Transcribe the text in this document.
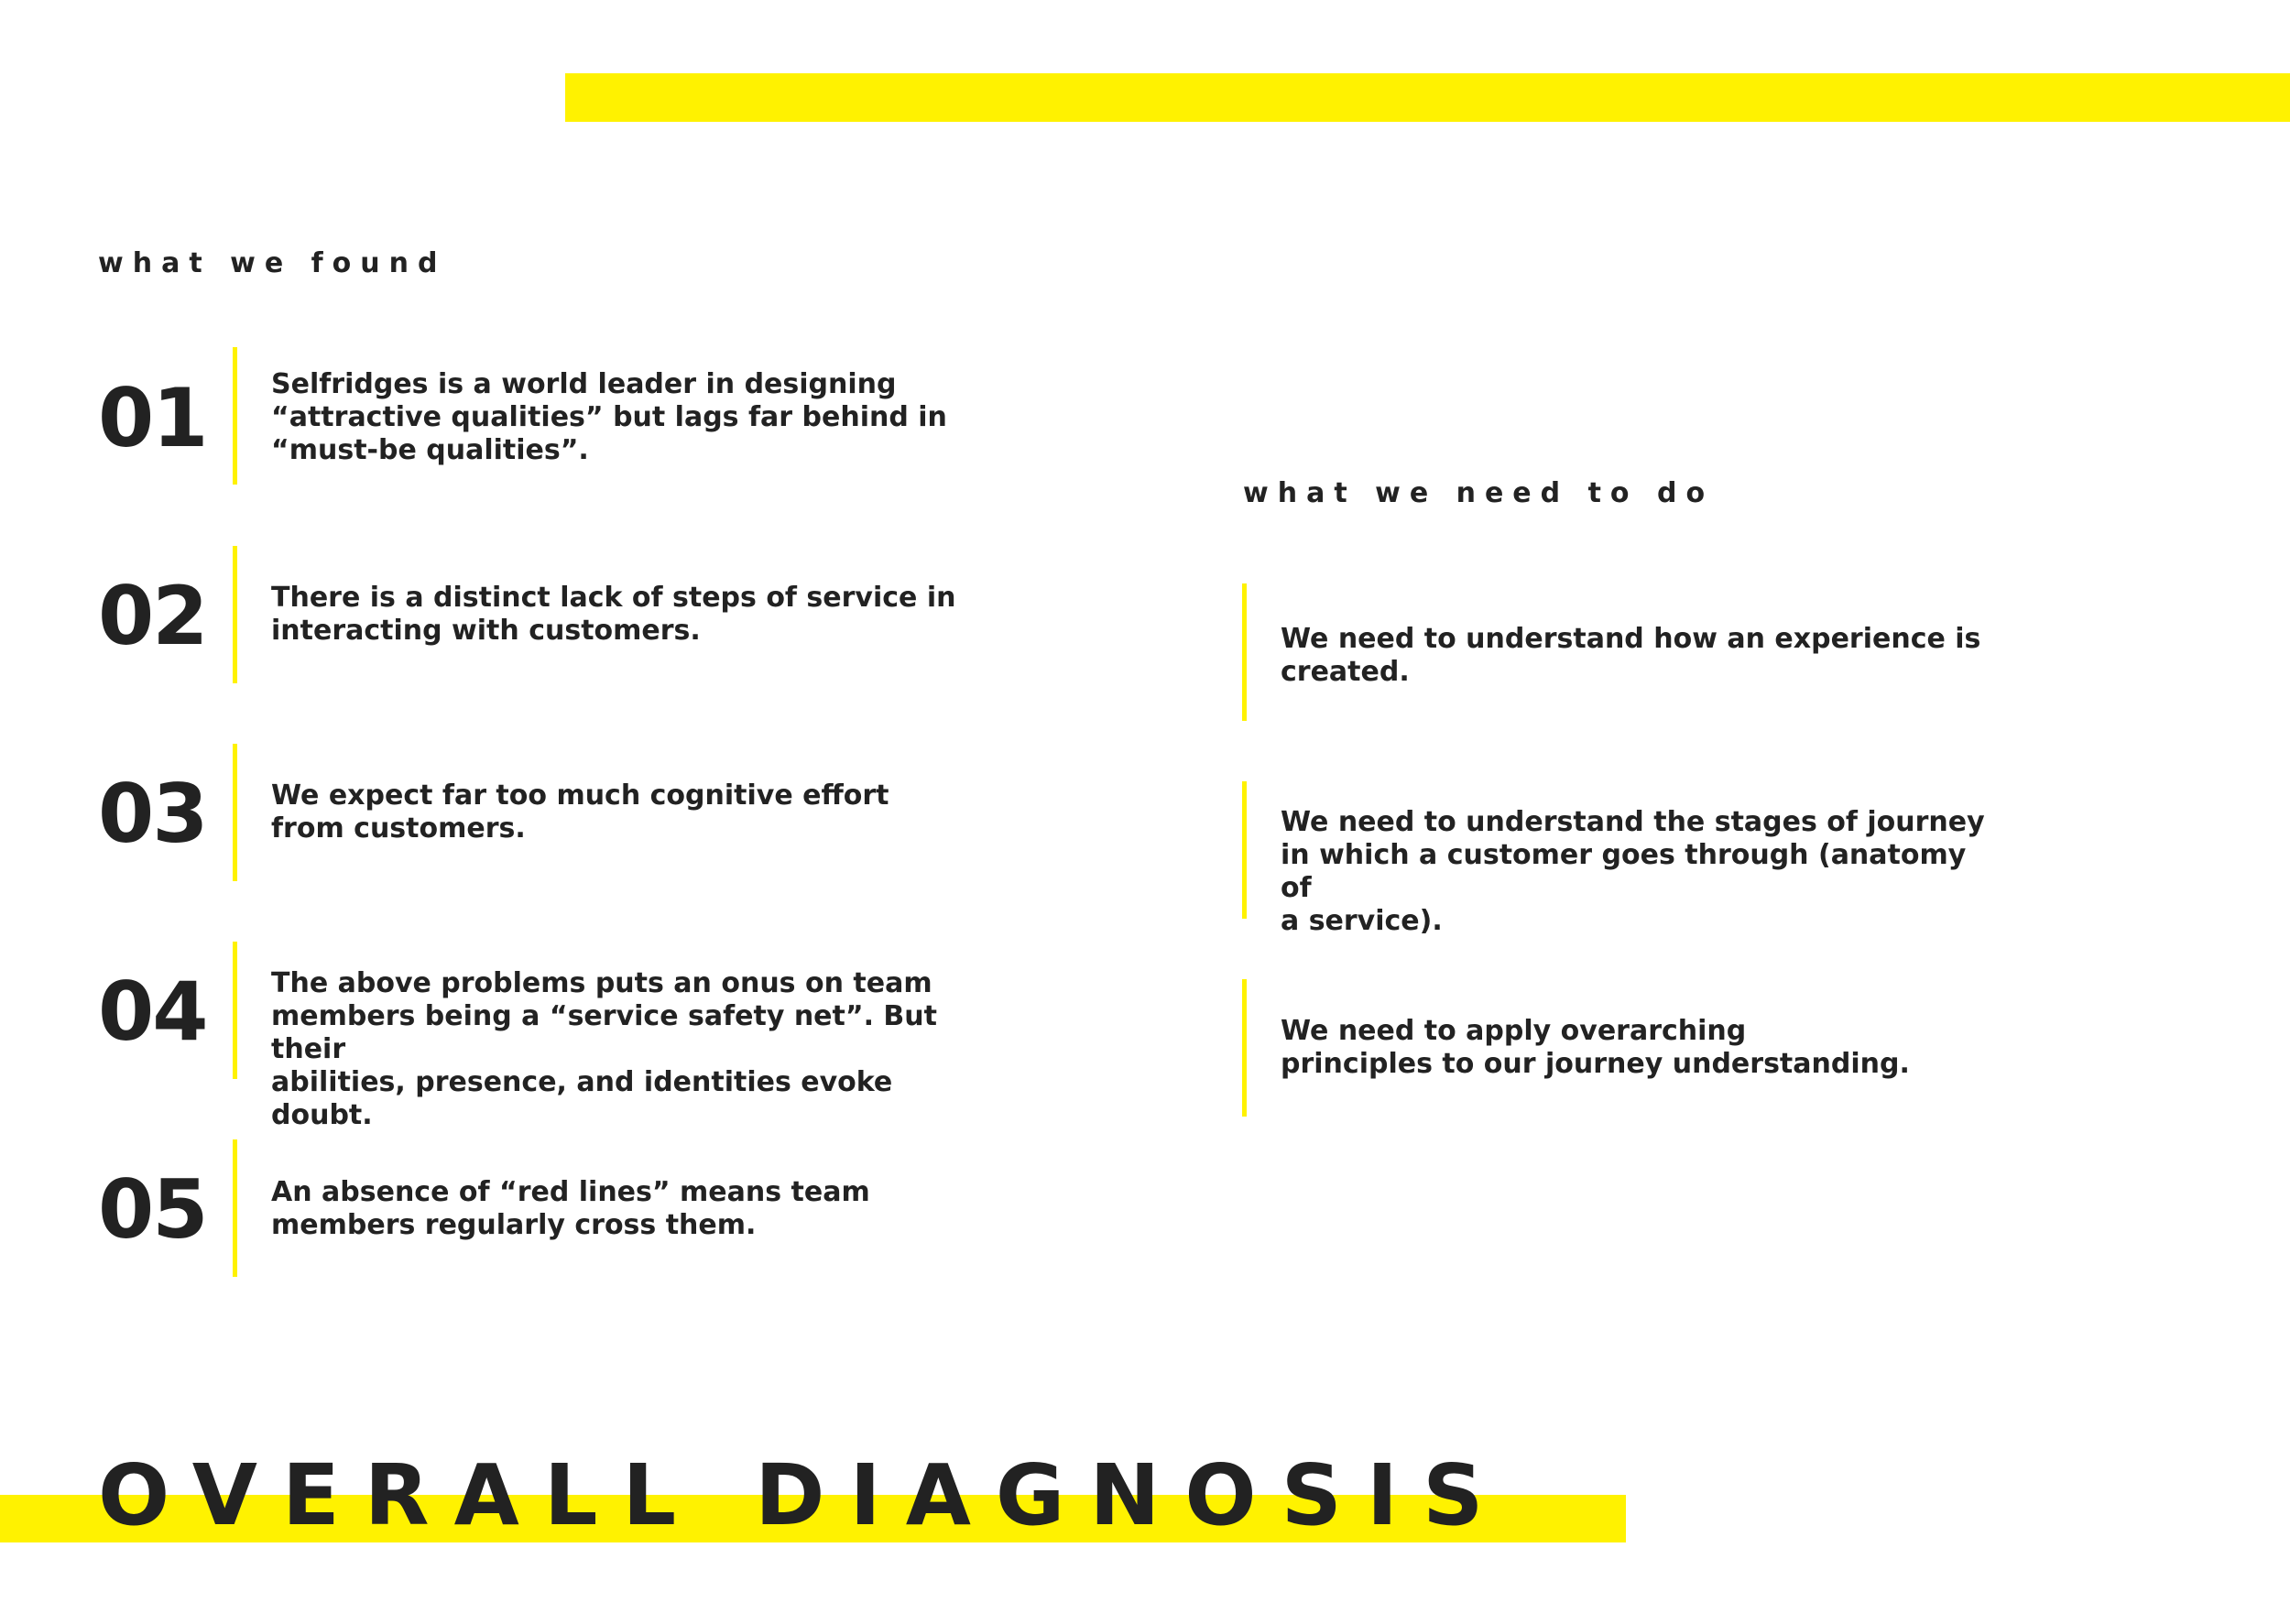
what we found
01 Selfridges is a world leader in designing
“attractive qualities” but lags far behind in
“must-be qualities”.
02 There is a distinct lack of steps of service in
interacting with customers.
03 We expect far too much cognitive effort
from customers.
04 The above problems puts an onus on team
members being a “service safety net”. But their
abilities, presence, and identities evoke doubt.
05 An absence of “red lines” means team
members regularly cross them.
what we need to do
We need to understand how an experience is
created.
We need to understand the stages of journey
in which a customer goes through (anatomy of
a service).
We need to apply overarching
principles to our journey understanding.
OVERALL DIAGNOSIS
